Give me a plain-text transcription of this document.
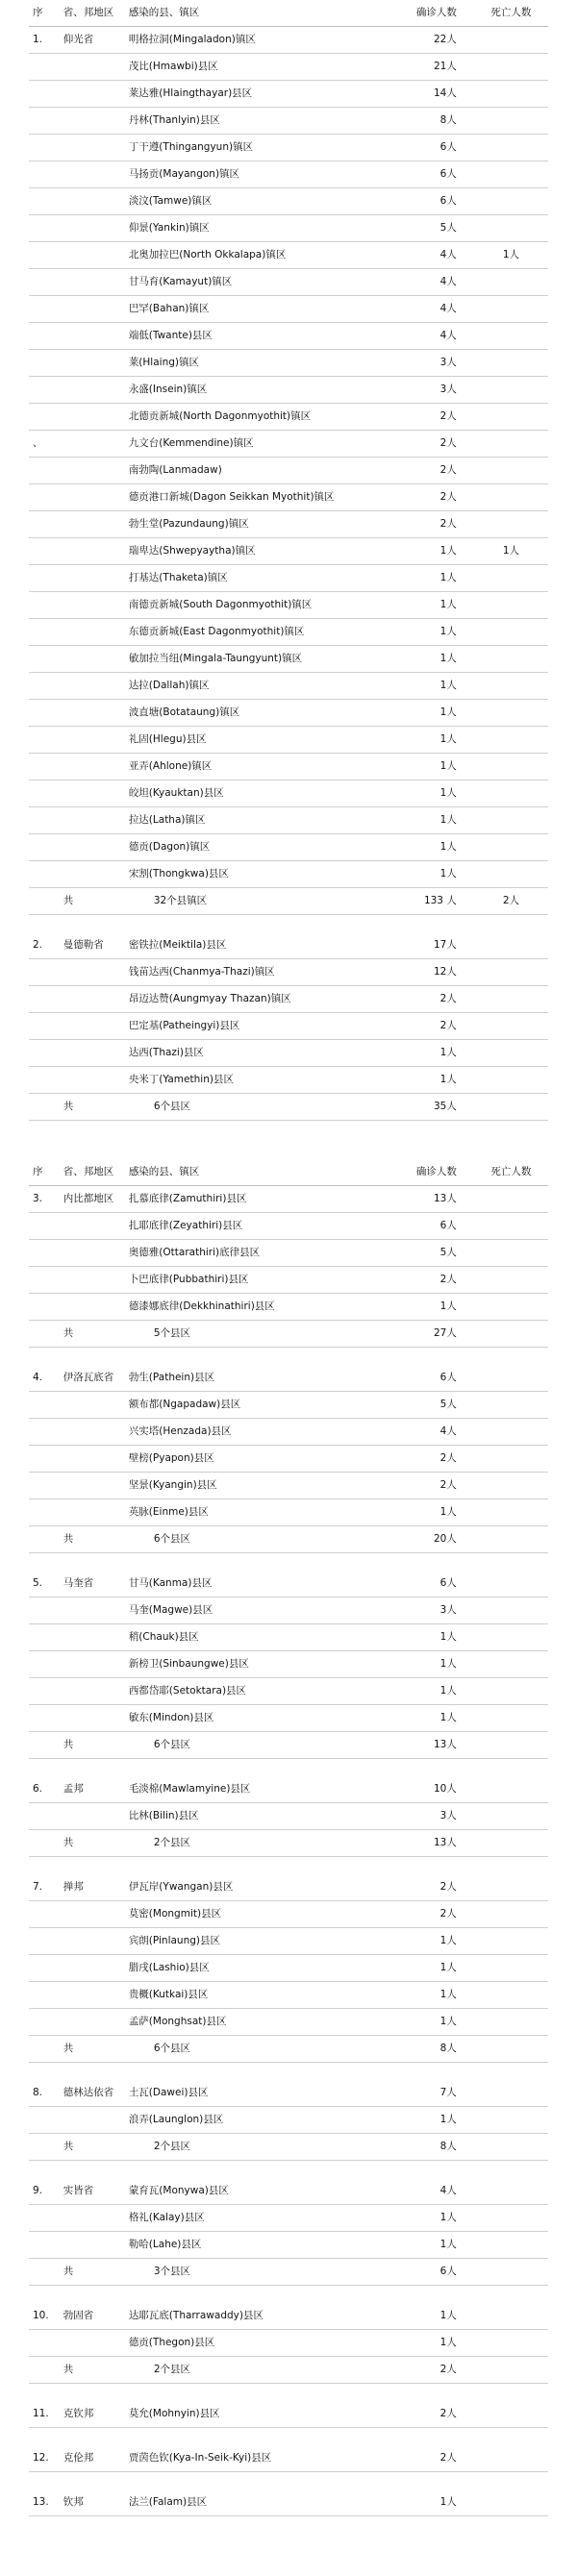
序	省、邦地区	感染的县、镇区	确诊人数	死亡人数
1.	仰光省	明格拉洞(Mingaladon)镇区	22人	
		茂比(Hmawbi)县区	21人	
		莱达雅(Hlaingthayar)县区	14人	
		丹林(Thanlyin)县区	8人	
		丁干遵(Thingangyun)镇区	6人	
		马扬贡(Mayangon)镇区	6人	
		淡汶(Tamwe)镇区	6人	
		仰景(Yankin)镇区	5人	
		北奥加拉巴(North Okkalapa)镇区	4人	1人
		甘马育(Kamayut)镇区	4人	
		巴罕(Bahan)镇区	4人	
		端低(Twante)县区	4人	
		莱(Hlaing)镇区	3人	
		永盛(Insein)镇区	3人	
		北德贡新城(North Dagonmyothit)镇区	2人	
、		九文台(Kemmendine)镇区	2人	
		南勃陶(Lanmadaw)	2人	
		德贡港口新城(Dagon Seikkan Myothit)镇区	2人	
		勃生堂(Pazundaung)镇区	2人	
		瑞卑达(Shwepyaytha)镇区	1人	1人
		打基达(Thaketa)镇区	1人	
		南德贡新城(South Dagonmyothit)镇区	1人	
		东德贡新城(East Dagonmyothit)镇区	1人	
		敏加拉当纽(Mingala-Taungyunt)镇区	1人	
		达拉(Dallah)镇区	1人	
		波直塘(Botataung)镇区	1人	
		礼固(Hlegu)县区	1人	
		亚弄(Ahlone)镇区	1人	
		皎坦(Kyauktan)县区	1人	
		拉达(Latha)镇区	1人	
		德贡(Dagon)镇区	1人	
		宋割(Thongkwa)县区	1人	
	共	32个县镇区	133 人	2人

2.	曼德勒省	密铁拉(Meiktila)县区	17人	
		钱苗达西(Chanmya-Thazi)镇区	12人	
		昂迈达赞(Aungmyay Thazan)镇区	2人	
		巴定基(Patheingyi)县区	2人	
		达西(Thazi)县区	1人	
		央米丁(Yamethin)县区	1人	
	共	6个县区	35人	

序	省、邦地区	感染的县、镇区	确诊人数	死亡人数
3.	内比都地区	扎慕底律(Zamuthiri)县区	13人	
		扎耶底律(Zeyathiri)县区	6人	
		奥德雅(Ottarathiri)底律县区	5人	
		卜巴底律(Pubbathiri)县区	2人	
		德漆娜底律(Dekkhinathiri)县区	1人	
	共	5个县区	27人	

4.	伊洛瓦底省	勃生(Pathein)县区	6人	
		额布都(Ngapadaw)县区	5人	
		兴实塔(Henzada)县区	4人	
		壁榜(Pyapon)县区	2人	
		坚景(Kyangin)县区	2人	
		英脉(Einme)县区	1人	
	共	6个县区	20人	

5.	马奎省	甘马(Kanma)县区	6人	
		马奎(Magwe)县区	3人	
		稍(Chauk)县区	1人	
		新榜卫(Sinbaungwe)县区	1人	
		西都岱耶(Setoktara)县区	1人	
		敏东(Mindon)县区	1人	
	共	6个县区	13人	

6.	孟邦	毛淡棉(Mawlamyine)县区	10人	
		比林(Bilin)县区	3人	
	共	2个县区	13人	

7.	掸邦	伊瓦岸(Ywangan)县区	2人	
		莫密(Mongmit)县区	2人	
		宾朗(Pinlaung)县区	1人	
		腊戌(Lashio)县区	1人	
		贵概(Kutkai)县区	1人	
		孟萨(Monghsat)县区	1人	
	共	6个县区	8人	

8.	德林达依省	土瓦(Dawei)县区	7人	
		浪弄(Launglon)县区	1人	
	共	2个县区	8人	

9.	实皆省	蒙育瓦(Monywa)县区	4人	
		格礼(Kalay)县区	1人	
		勒哈(Lahe)县区	1人	
	共	3个县区	6人	

10.	勃固省	达耶瓦底(Tharrawaddy)县区	1人	
		德贡(Thegon)县区	1人	
	共	2个县区	2人	

11.	克钦邦	莫允(Mohnyin)县区	2人	

12.	克伦邦	贾茵色钦(Kya-In-Seik-Kyi)县区	2人	

13.	钦邦	法兰(Falam)县区	1人	
